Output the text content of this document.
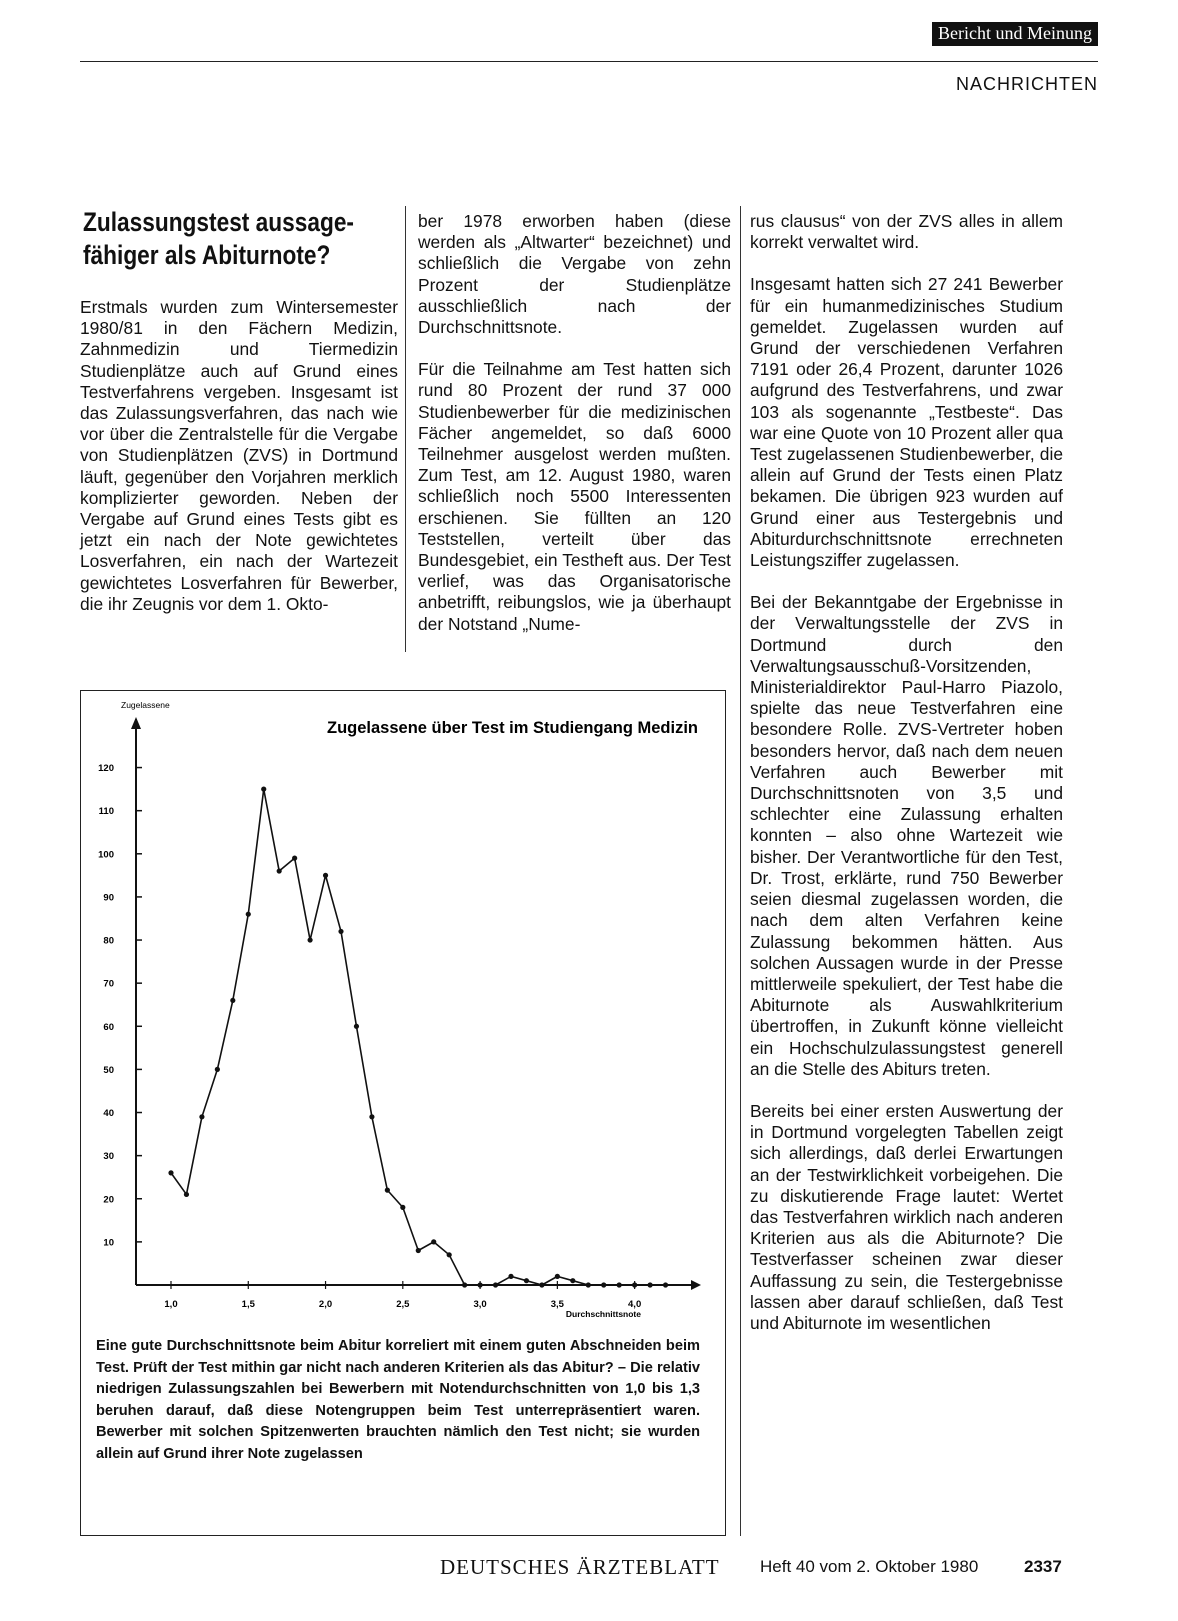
Bericht und Meinung
NACHRICHTEN
Zulassungstest aussage-fähiger als Abiturnote?

Erstmals wurden zum Wintersemester 1980/81 in den Fächern Medizin, Zahnmedizin und Tiermedizin Studienplätze auch auf Grund eines Testverfahrens vergeben. Insgesamt ist das Zulassungsverfahren, das nach wie vor über die Zentralstelle für die Vergabe von Studienplätzen (ZVS) in Dortmund läuft, gegenüber den Vorjahren merklich komplizierter geworden. Neben der Vergabe auf Grund eines Tests gibt es jetzt ein nach der Note gewichtetes Losverfahren, ein nach der Wartezeit gewichtetes Losverfahren für Bewerber, die ihr Zeugnis vor dem 1. Okto-

ber 1978 erworben haben (diese werden als „Altwarter“ bezeichnet) und schließlich die Vergabe von zehn Prozent der Studienplätze ausschließlich nach der Durchschnittsnote.

Für die Teilnahme am Test hatten sich rund 80 Prozent der rund 37 000 Studienbewerber für die medizinischen Fächer angemeldet, so daß 6000 Teilnehmer ausgelost werden mußten. Zum Test, am 12. August 1980, waren schließlich noch 5500 Interessenten erschienen. Sie füllten an 120 Teststellen, verteilt über das Bundesgebiet, ein Testheft aus. Der Test verlief, was das Organisatorische anbetrifft, reibungslos, wie ja überhaupt der Notstand „Nume-

rus clausus“ von der ZVS alles in allem korrekt verwaltet wird.

Insgesamt hatten sich 27 241 Bewerber für ein humanmedizinisches Studium gemeldet. Zugelassen wurden auf Grund der verschiedenen Verfahren 7191 oder 26,4 Prozent, darunter 1026 aufgrund des Testverfahrens, und zwar 103 als sogenannte „Testbeste“. Das war eine Quote von 10 Prozent aller qua Test zugelassenen Studienbewerber, die allein auf Grund der Tests einen Platz bekamen. Die übrigen 923 wurden auf Grund einer aus Testergebnis und Abiturdurchschnittsnote errechneten Leistungsziffer zugelassen.

Bei der Bekanntgabe der Ergebnisse in der Verwaltungsstelle der ZVS in Dortmund durch den Verwaltungsausschuß-Vorsitzenden, Ministerialdirektor Paul-Harro Piazolo, spielte das neue Testverfahren eine besondere Rolle. ZVS-Vertreter hoben besonders hervor, daß nach dem neuen Verfahren auch Bewerber mit Durchschnittsnoten von 3,5 und schlechter eine Zulassung erhalten konnten – also ohne Wartezeit wie bisher. Der Verantwortliche für den Test, Dr. Trost, erklärte, rund 750 Bewerber seien diesmal zugelassen worden, die nach dem alten Verfahren keine Zulassung bekommen hätten. Aus solchen Aussagen wurde in der Presse mittlerweile spekuliert, der Test habe die Abiturnote als Auswahlkriterium übertroffen, in Zukunft könne vielleicht ein Hochschulzulassungstest generell an die Stelle des Abiturs treten.

Bereits bei einer ersten Auswertung der in Dortmund vorgelegten Tabellen zeigt sich allerdings, daß derlei Erwartungen an der Testwirklichkeit vorbeigehen. Die zu diskutierende Frage lautet: Wertet das Testverfahren wirklich nach anderen Kriterien aus als die Abiturnote? Die Testverfasser scheinen zwar dieser Auffassung zu sein, die Testergebnisse lassen aber darauf schließen, daß Test und Abiturnote im wesentlichen

10
20
30
40
50
60
70
80
90
100
110
120
1,0	1,5	2,0	2,5	3,0	3,5	4,0
Zugelassene
Durchschnittsnote
Zugelassene über Test im Studiengang Medizin
Eine gute Durchschnittsnote beim Abitur korreliert mit einem guten Abschneiden beim Test. Prüft der Test mithin gar nicht nach anderen Kriterien als das Abitur? – Die relativ niedrigen Zulassungszahlen bei Bewerbern mit Notendurchschnitten von 1,0 bis 1,3 beruhen darauf, daß diese Notengruppen beim Test unterrepräsentiert waren. Bewerber mit solchen Spitzenwerten brauchten nämlich den Test nicht; sie wurden allein auf Grund ihrer Note zugelassen
DEUTSCHES ÄRZTEBLATT Heft 40 vom 2. Oktober 1980	2337
